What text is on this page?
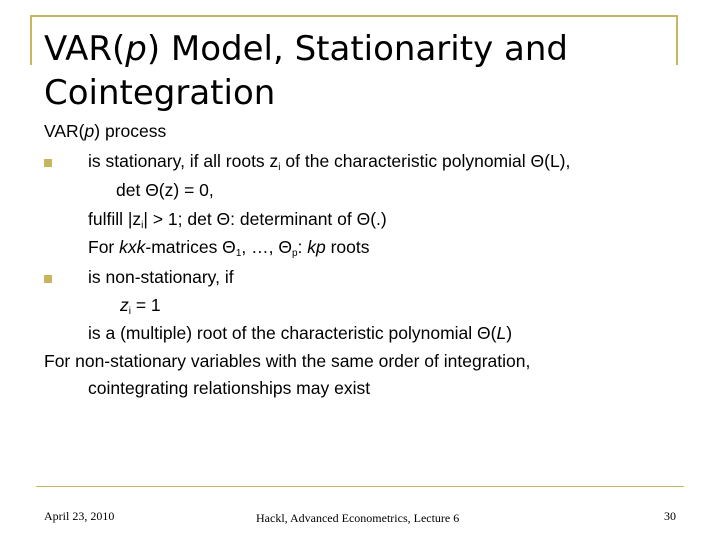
VAR(p) Model, Stationarity and
Cointegration
VAR(p) process
is stationary, if all roots $z_i$ of the characteristic polynomial Θ(L),
det Θ(z) = 0,
fulfill $|z_i| > 1$; det Θ: determinant of Θ(.)
For kxk-matrices $\Theta_1$, …, $\Theta_p$: kp roots
is non-stationary, if
$z_i = 1$
is a (multiple) root of the characteristic polynomial Θ(L)
For non-stationary variables with the same order of integration,
cointegrating relationships may exist
April 23, 2010	Hackl, Advanced Econometrics, Lecture 6	30
